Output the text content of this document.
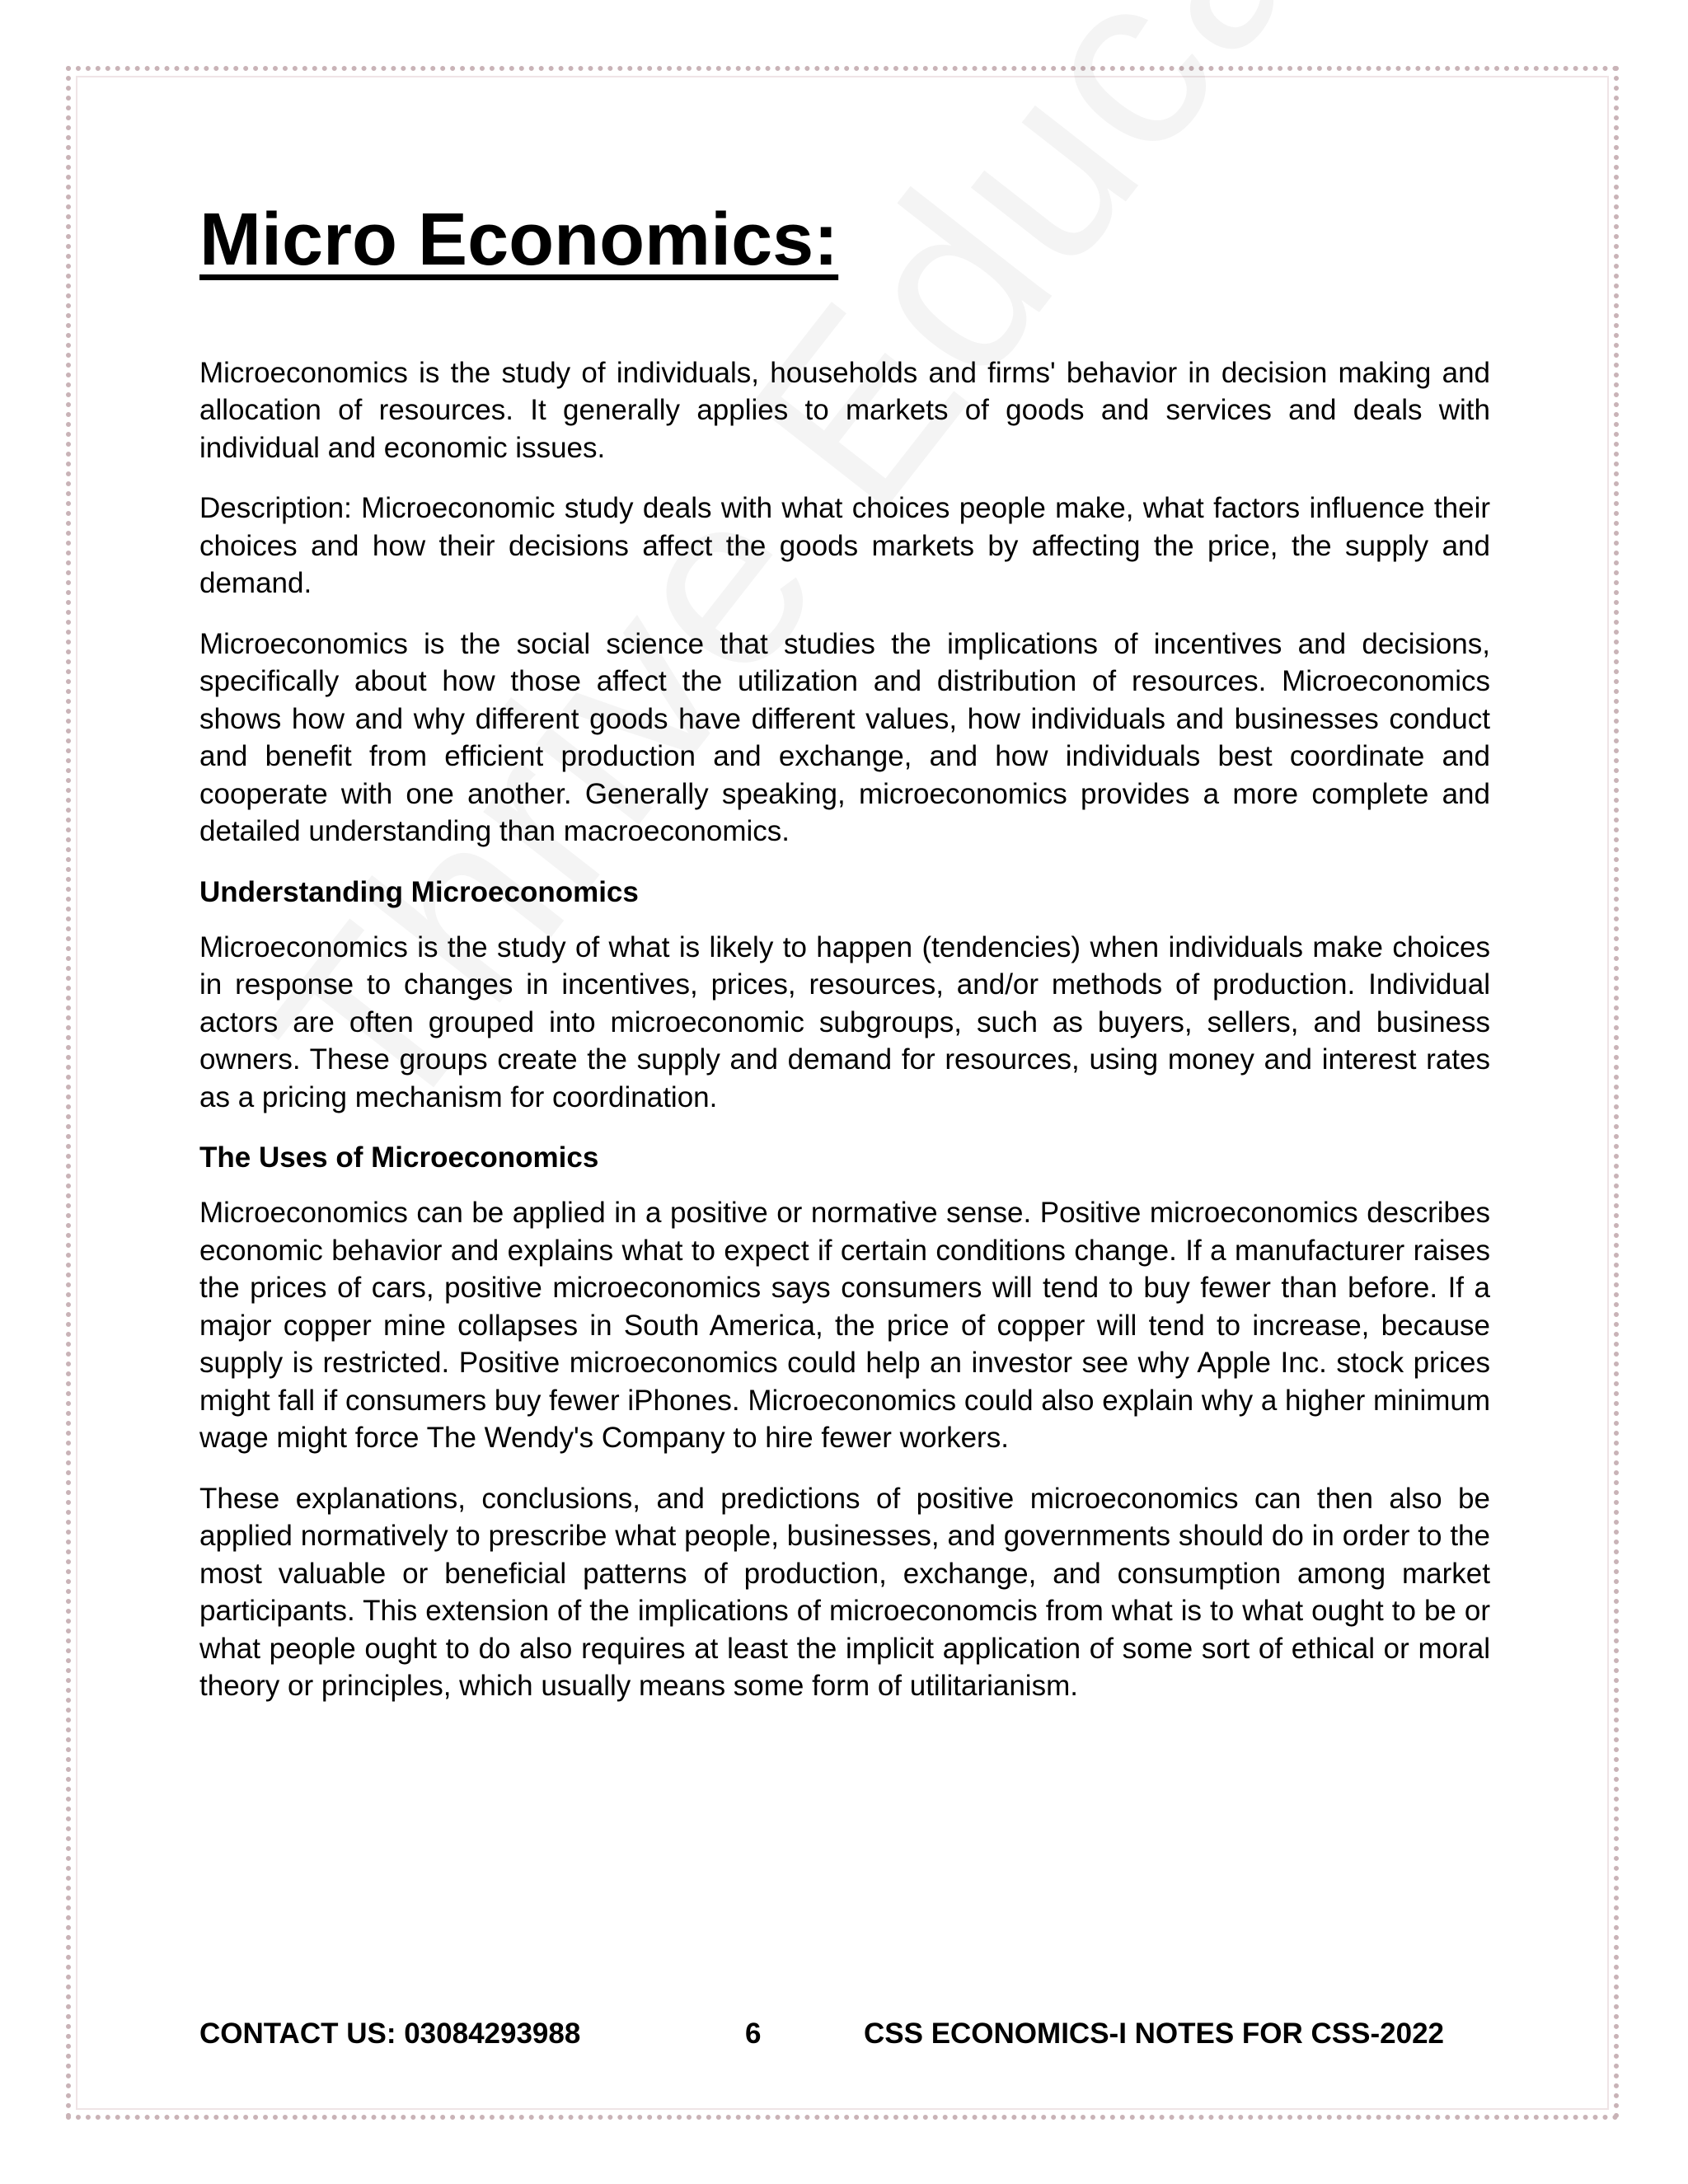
Micro Economics:

Microeconomics is the study of individuals, households and firms' behavior in decision making and allocation of resources. It generally applies to markets of goods and services and deals with individual and economic issues.

Description: Microeconomic study deals with what choices people make, what factors influence their choices and how their decisions affect the goods markets by affecting the price, the supply and demand.

Microeconomics is the social science that studies the implications of incentives and decisions, specifically about how those affect the utilization and distribution of resources. Microeconomics shows how and why different goods have different values, how individuals and businesses conduct and benefit from efficient production and exchange, and how individuals best coordinate and cooperate with one another. Generally speaking, microeconomics provides a more complete and detailed understanding than macroeconomics.

Understanding Microeconomics

Microeconomics is the study of what is likely to happen (tendencies) when individuals make choices in response to changes in incentives, prices, resources, and/or methods of production. Individual actors are often grouped into microeconomic subgroups, such as buyers, sellers, and business owners. These groups create the supply and demand for resources, using money and interest rates as a pricing mechanism for coordination.

The Uses of Microeconomics

Microeconomics can be applied in a positive or normative sense. Positive microeconomics describes economic behavior and explains what to expect if certain conditions change. If a manufacturer raises the prices of cars, positive microeconomics says consumers will tend to buy fewer than before. If a major copper mine collapses in South America, the price of copper will tend to increase, because supply is restricted. Positive microeconomics could help an investor see why Apple Inc. stock prices might fall if consumers buy fewer iPhones. Microeconomics could also explain why a higher minimum wage might force The Wendy's Company to hire fewer workers.

These explanations, conclusions, and predictions of positive microeconomics can then also be applied normatively to prescribe what people, businesses, and governments should do in order to the most valuable or beneficial patterns of production, exchange, and consumption among market participants. This extension of the implications of microeconomcis from what is to what ought to be or what people ought to do also requires at least the implicit application of some sort of ethical or moral theory or principles, which usually means some form of utilitarianism.

CONTACT US: 03084293988	6	CSS ECONOMICS-I NOTES FOR CSS-2022
